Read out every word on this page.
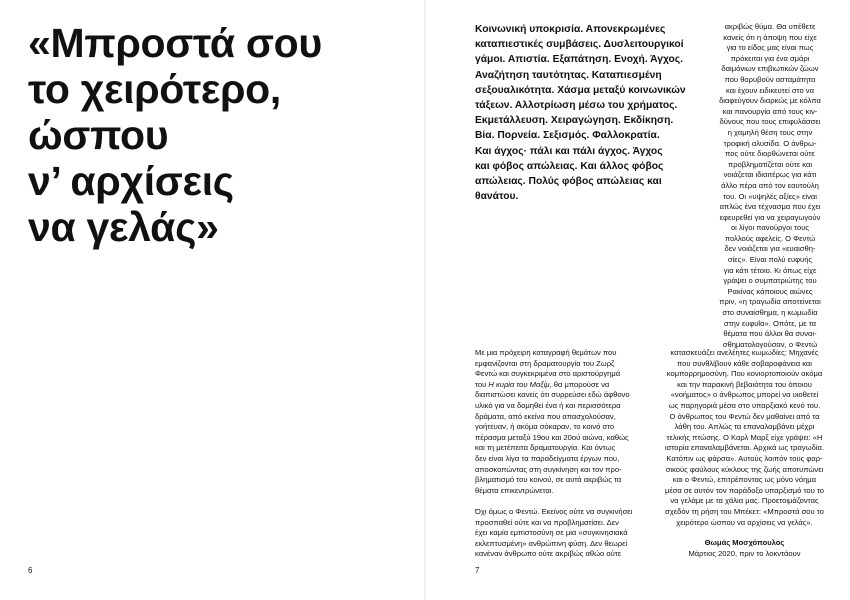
«Μπροστά σου
το χειρότερο,
ώσπου
ν’ αρχίσεις
να γελάς»
6
Κοινωνική υποκρισία. Απονεκρωμένες
καταπιεστικές συμβάσεις. Δυσλειτουργικοί
γάμοι. Απιστία. Εξαπάτηση. Ενοχή. Άγχος.
Αναζήτηση ταυτότητας. Καταπιεσμένη
σεξουαλικότητα. Χάσμα μεταξύ κοινωνικών
τάξεων. Αλλοτρίωση μέσω του χρήματος.
Εκμετάλλευση. Χειραγώγηση. Εκδίκηση.
Βία. Πορνεία. Σεξισμός. Φαλλοκρατία.
Και άγχος· πάλι και πάλι άγχος. Άγχος
και φόβος απώλειας. Και άλλος φόβος
απώλειας. Πολύς φόβος απώλειας και
θανάτου.
ακριβώς θύμα. Θα υπέθετε
κανείς ότι η άποψη που είχε
για το είδος μας είναι πως
πρόκειται για ένα σμάρι
δαιμόνιων επιβιωτικών ζώων
που θορυβούν ασταμάτητα
και έχουν ειδικευτεί στο να
διαφεύγουν διαρκώς με κόλπα
και πανουργία από τους κιν-
δύνους που τους επιφυλάσσει
η χαμηλή θέση τους στην
τροφική αλυσίδα. Ο άνθρω-
πος ούτε διορθώνεται ούτε
προβληματίζεται ούτε και
νοιάζεται ιδιαιτέρως για κάτι
άλλο πέρα από τον εαυτούλη
του. Οι «υψηλές αξίες» είναι
απλώς ένα τέχνασμα που έχει
εφευρεθεί για να χειραγωγούν
οι λίγοι πανούργοι τους
πολλούς αφελείς. Ο Φεντώ
δεν νοιάζεται για «ευαισθη-
σίες». Είναι πολύ ευφυής
για κάτι τέτοιο. Κι όπως είχε
γράψει ο συμπατριώτης του
Ρακίνας κάποιους αιώνες
πριν, «η τραγωδία αποτείνεται
στο συναίσθημα, η κωμωδία
στην ευφυΐα». Οπότε, με τα
θέματα που άλλοι θα συναι-
σθηματολογούσαν, ο Φεντώ
Με μια πρόχειρη καταγραφή θεμάτων που
εμφανίζονται στη δραματουργία του Ζωρζ
Φεντώ και συγκεκριμένα στο αριστούργημά
του Η κυρία του Μαξίμ, θα μπορούσε να
διαπιστώσει κανείς ότι συρρεύσει εδώ άφθονο
υλικό για να δομηθεί ένα ή και περισσότερα
δράματα, από εκείνα που απασχολούσαν,
γοήτευαν, ή ακόμα σόκαραν, το κοινό στο
πέρασμα μεταξύ 19ου και 20ού αιώνα, καθώς
και τη μετέπειτα δραματουργία. Και όντως
δεν είναι λίγα τα παραδείγματα έργων που,
αποσκοπώντας στη συγκίνηση και τον προ-
βληματισμό του κοινού, σε αυτά ακριβώς τα
θέματα επικεντρώνεται.
Όχι όμως ο Φεντώ. Εκείνος ούτε να συγκινήσει
προσπαθεί ούτε και να προβληματίσει. Δεν
έχει καμία εμπιστοσύνη σε μια «συγκινησιακά
εκλεπτυσμένη» ανθρώπινη φύση. Δεν θεωρεί
κανέναν άνθρωπο ούτε ακριβώς αθώο ούτε
κατασκευάζει ανελέητες κωμωδίες: Μηχανές
που συνθλίβουν κάθε σοβαροφάνεια και
κομπορρημοσύνη. Που κονιορτοποιούν ακόμα
και την παρακινή βεβαιότητα του όποιου
«νοήματος» ο άνθρωπος μπορεί να υιοθετεί
ως παρηγοριά μέσα στο υπαρξιακό κενό του.
Ο άνθρωπος του Φεντώ δεν μαθαίνει από τα
λάθη του. Απλώς τα επαναλαμβάνει μέχρι
τελικής πτώσης. Ο Καρλ Μαρξ είχε γράψει: «Η
ιστορία επαναλαμβάνεται. Αρχικά ως τραγωδία.
Κατόπιν ως φάρσα». Αυτούς λοιπόν τους φαρ-
σικούς φαύλους κύκλους της ζωής αποτυπώνει
και ο Φεντώ, επιτρέποντας ως μόνο νόημα
μέσα σε αυτόν τον παράδοξο υπαρξισμό του το
να γελάμε με τα χάλια μας. Προετοιμάζοντας
σχεδόν τη ρήση του Μπέκετ: «Μπροστά σου το
χειρότερο ώσπου να αρχίσεις να γελάς».
Θωμάς Μοσχόπουλος
Μάρτιος 2020, πριν το λοκντάουν
7
